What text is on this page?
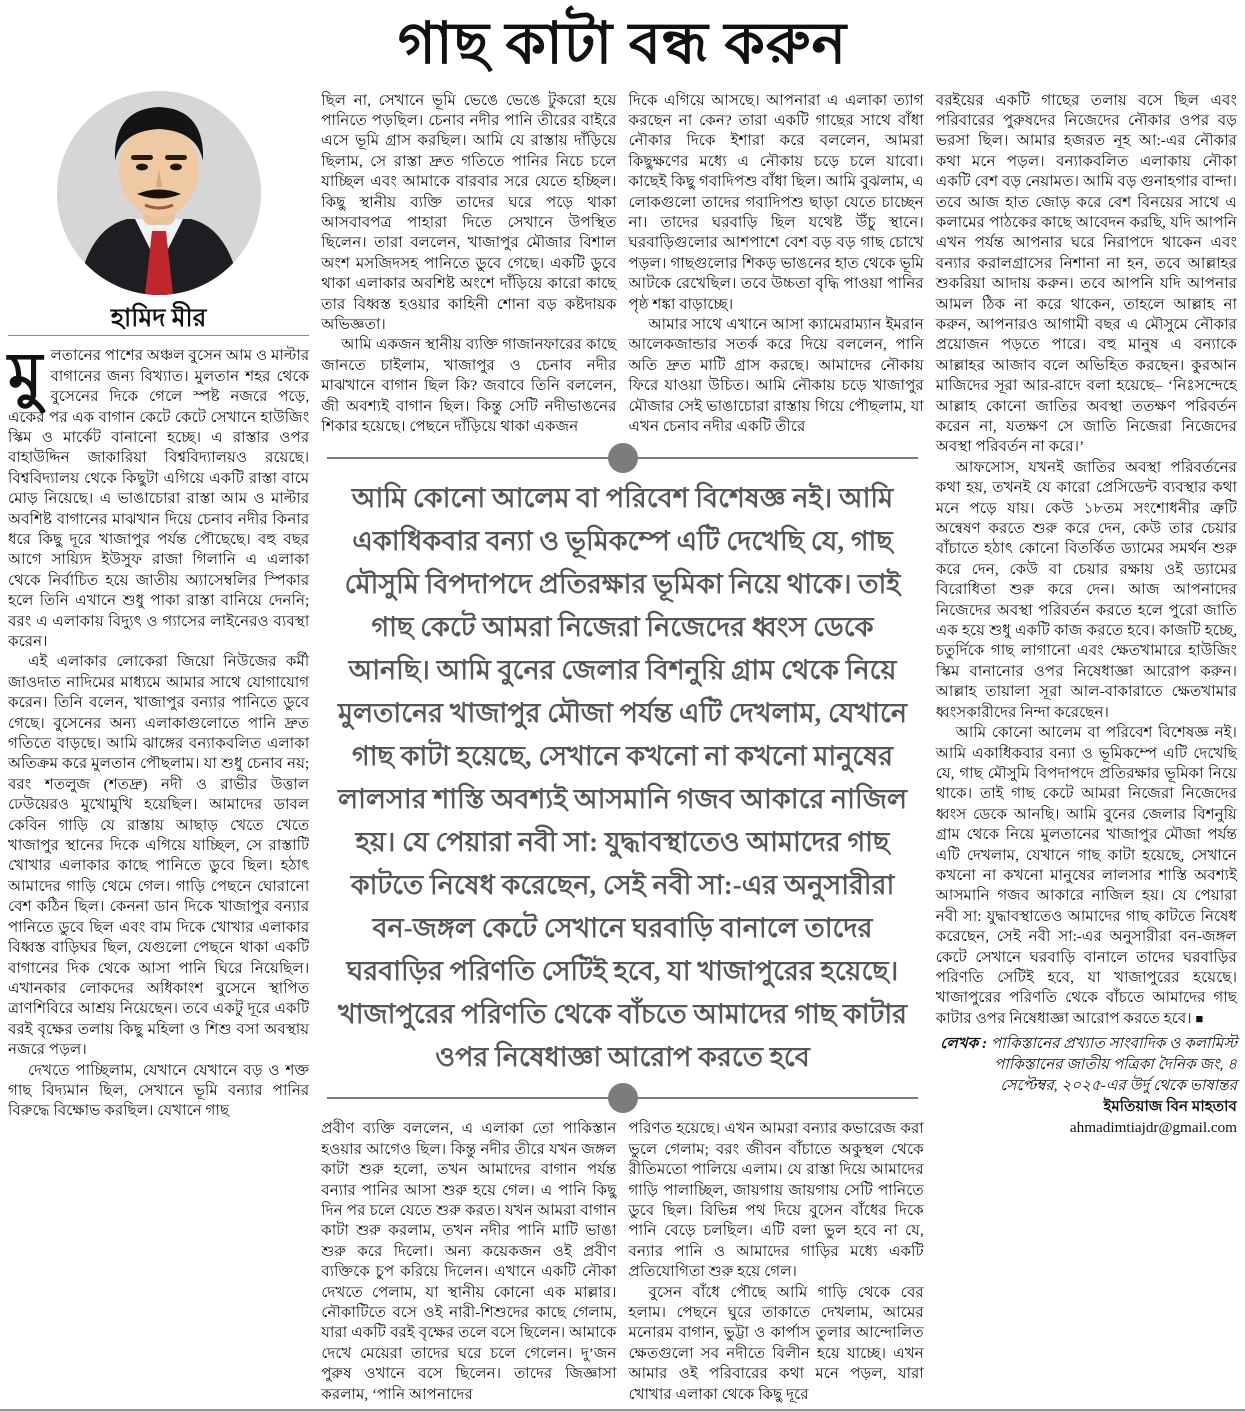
গাছ কাটা বন্ধ করুন
হামিদ মীর

মুলতানের পাশের অঞ্চল বুসেন আম ও মাল্টার বাগানের জন্য বিখ্যাত। মুলতান শহর থেকে বুসেনের দিকে গেলে স্পষ্ট নজরে পড়ে, একের পর এক বাগান কেটে কেটে সেখানে হাউজিং স্কিম ও মার্কেট বানানো হচ্ছে। এ রাস্তার ওপর বাহাউদ্দিন জাকারিয়া বিশ্ববিদ্যালয়ও রয়েছে। বিশ্ববিদ্যালয় থেকে কিছুটা এগিয়ে একটি রাস্তা বামে মোড় নিয়েছে। এ ভাঙাচোরা রাস্তা আম ও মাল্টার অবশিষ্ট বাগানের মাঝখান দিয়ে চেনাব নদীর কিনার ধরে কিছু দূরে খাজাপুর পর্যন্ত পৌছেছে। বহু বছর আগে সায়্যিদ ইউসুফ রাজা গিলানি এ এলাকা থেকে নির্বাচিত হয়ে জাতীয় অ্যাসেম্বলির স্পিকার হলে তিনি এখানে শুধু পাকা রাস্তা বানিয়ে দেননি; বরং এ এলাকায় বিদ্যুৎ ও গ্যাসের লাইনেরও ব্যবস্থা করেন।

এই এলাকার লোকেরা জিয়ো নিউজের কর্মী জাওদাত নাদিমের মাধ্যমে আমার সাথে যোগাযোগ করেন। তিনি বলেন, খাজাপুর বন্যার পানিতে ডুবে গেছে। বুসেনের অন্য এলাকাগুলোতে পানি দ্রুত গতিতে বাড়ছে। আমি ঝাঙ্গের বন্যাকবলিত এলাকা অতিক্রম করে মুলতান পৌছলাম। যা শুধু চেনাব নয়; বরং শতলুজ (শতদ্রু) নদী ও রাভীর উত্তাল ঢেউয়েরও মুখোমুখি হয়েছিল। আমাদের ডাবল কেবিন গাড়ি যে রাস্তায় আছাড় খেতে খেতে খাজাপুর স্থানের দিকে এগিয়ে যাচ্ছিল, সে রাস্তাটি খোখার এলাকার কাছে পানিতে ডুবে ছিল। হঠাৎ আমাদের গাড়ি থেমে গেল। গাড়ি পেছনে ঘোরানো বেশ কঠিন ছিল। কেননা ডান দিকে খাজাপুর বন্যার পানিতে ডুবে ছিল এবং বাম দিকে খোখার এলাকার বিধ্বস্ত বাড়িঘর ছিল, যেগুলো পেছনে থাকা একটি বাগানের দিক থেকে আসা পানি ঘিরে নিয়েছিল। এখানকার লোকদের অধিকাংশ বুসেনে স্থাপিত ত্রাণশিবিরে আশ্রয় নিয়েছেন। তবে একটু দূরে একটি বরই বৃক্ষের তলায় কিছু মহিলা ও শিশু বসা অবস্থায় নজরে পড়ল।

দেখতে পাচ্ছিলাম, যেখানে যেখানে বড় ও শক্ত গাছ বিদ্যমান ছিল, সেখানে ভূমি বন্যার পানির বিরুদ্ধে বিক্ষোভ করছিল। যেখানে গাছ

ছিল না, সেখানে ভূমি ভেঙে ভেঙে টুকরো হয়ে পানিতে পড়ছিল। চেনাব নদীর পানি তীরের বাইরে এসে ভূমি গ্রাস করছিল। আমি যে রাস্তায় দাঁড়িয়ে ছিলাম, সে রাস্তা দ্রুত গতিতে পানির নিচে চলে যাচ্ছিল এবং আমাকে বারবার সরে যেতে হচ্ছিল। কিছু স্থানীয় ব্যক্তি তাদের ঘরে পড়ে থাকা আসবাবপত্র পাহারা দিতে সেখানে উপস্থিত ছিলেন। তারা বললেন, খাজাপুর মৌজার বিশাল অংশ মসজিদসহ পানিতে ডুবে গেছে। একটি ডুবে থাকা এলাকার অবশিষ্ট অংশে দাঁড়িয়ে কারো কাছে তার বিধ্বস্ত হওয়ার কাহিনী শোনা বড় কষ্টদায়ক অভিজ্ঞতা।

আমি একজন স্থানীয় ব্যক্তি গাজানফারের কাছে জানতে চাইলাম, খাজাপুর ও চেনাব নদীর মাঝখানে বাগান ছিল কি? জবাবে তিনি বললেন, জী অবশ্যই বাগান ছিল। কিন্তু সেটি নদীভাঙনের শিকার হয়েছে। পেছনে দাঁড়িয়ে থাকা একজন

দিকে এগিয়ে আসছে। আপনারা এ এলাকা ত্যাগ করছেন না কেন? তারা একটি গাছের সাথে বাঁধা নৌকার দিকে ইশারা করে বললেন, আমরা কিছুক্ষণের মধ্যে এ নৌকায় চড়ে চলে যাবো। কাছেই কিছু গবাদিপশু বাঁধা ছিল। আমি বুঝলাম, এ লোকগুলো তাদের গবাদিপশু ছাড়া যেতে চাচ্ছেন না। তাদের ঘরবাড়ি ছিল যথেষ্ট উঁচু স্থানে। ঘরবাড়িগুলোর আশপাশে বেশ বড় বড় গাছ চোখে পড়ল। গাছগুলোর শিকড় ভাঙনের হাত থেকে ভূমি আটকে রেখেছিল। তবে উচ্চতা বৃদ্ধি পাওয়া পানির পৃষ্ঠ শঙ্কা বাড়াচ্ছে।

আমার সাথে এখানে আসা ক্যামেরাম্যান ইমরান আলেকজান্ডার সতর্ক করে দিয়ে বললেন, পানি অতি দ্রুত মাটি গ্রাস করছে। আমাদের নৌকায় ফিরে যাওয়া উচিত। আমি নৌকায় চড়ে খাজাপুর মৌজার সেই ভাঙাচোরা রাস্তায় গিয়ে পৌছলাম, যা এখন চেনাব নদীর একটি তীরে

আমি কোনো আলেম বা পরিবেশ বিশেষজ্ঞ নই। আমি একাধিকবার বন্যা ও ভূমিকম্পে এটি দেখেছি যে, গাছ মৌসুমি বিপদাপদে প্রতিরক্ষার ভূমিকা নিয়ে থাকে। তাই গাছ কেটে আমরা নিজেরা নিজেদের ধ্বংস ডেকে আনছি। আমি বুনের জেলার বিশনুয়ি গ্রাম থেকে নিয়ে মুলতানের খাজাপুর মৌজা পর্যন্ত এটি দেখলাম, যেখানে গাছ কাটা হয়েছে, সেখানে কখনো না কখনো মানুষের লালসার শাস্তি অবশ্যই আসমানি গজব আকারে নাজিল হয়। যে পেয়ারা নবী সা: যুদ্ধাবস্থাতেও আমাদের গাছ কাটতে নিষেধ করেছেন, সেই নবী সা:-এর অনুসারীরা বন-জঙ্গল কেটে সেখানে ঘরবাড়ি বানালে তাদের ঘরবাড়ির পরিণতি সেটিই হবে, যা খাজাপুরের হয়েছে। খাজাপুরের পরিণতি থেকে বাঁচতে আমাদের গাছ কাটার ওপর নিষেধাজ্ঞা আরোপ করতে হবে

প্রবীণ ব্যক্তি বললেন, এ এলাকা তো পাকিস্তান হওয়ার আগেও ছিল। কিন্তু নদীর তীরে যখন জঙ্গল কাটা শুরু হলো, তখন আমাদের বাগান পর্যন্ত বন্যার পানির আসা শুরু হয়ে গেল। এ পানি কিছু দিন পর চলে যেতে শুরু করত। যখন আমরা বাগান কাটা শুরু করলাম, তখন নদীর পানি মাটি ভাঙা শুরু করে দিলো। অন্য কয়েকজন ওই প্রবীণ ব্যক্তিকে চুপ করিয়ে দিলেন। এখানে একটি নৌকা দেখতে পেলাম, যা স্থানীয় কোনো এক মাল্লার। নৌকাটিতে বসে ওই নারী-শিশুদের কাছে গেলাম, যারা একটি বরই বৃক্ষের তলে বসে ছিলেন। আমাকে দেখে মেয়েরা তাদের ঘরে চলে গেলেন। দু’জন পুরুষ ওখানে বসে ছিলেন। তাদের জিজ্ঞাসা করলাম, ‘পানি আপনাদের

পরিণত হয়েছে। এখন আমরা বন্যার কভারেজ করা ভুলে গেলাম; বরং জীবন বাঁচাতে অকুস্থল থেকে রীতিমতো পালিয়ে এলাম। যে রাস্তা দিয়ে আমাদের গাড়ি পালাচ্ছিল, জায়গায় জায়গায় সেটি পানিতে ডুবে ছিল। বিভিন্ন পথ দিয়ে বুসেন বাঁধের দিকে পানি বেড়ে চলছিল। এটি বলা ভুল হবে না যে, বন্যার পানি ও আমাদের গাড়ির মধ্যে একটি প্রতিযোগিতা শুরু হয়ে গেল।

বুসেন বাঁধে পৌছে আমি গাড়ি থেকে বের হলাম। পেছনে ঘুরে তাকাতে দেখলাম, আমের মনোরম বাগান, ভুট্টা ও কার্পাস তুলার আন্দোলিত ক্ষেতগুলো সব নদীতে বিলীন হয়ে যাচ্ছে। এখন আমার ওই পরিবারের কথা মনে পড়ল, যারা খোখার এলাকা থেকে কিছু দূরে

বরইয়ের একটি গাছের তলায় বসে ছিল এবং পরিবারের পুরুষদের নিজেদের নৌকার ওপর বড় ভরসা ছিল। আমার হজরত নূহ আ:-এর নৌকার কথা মনে পড়ল। বন্যাকবলিত এলাকায় নৌকা একটি বেশ বড় নেয়ামত। আমি বড় গুনাহগার বান্দা। তবে আজ হাত জোড় করে বেশ বিনয়ের সাথে এ কলামের পাঠকের কাছে আবেদন করছি, যদি আপনি এখন পর্যন্ত আপনার ঘরে নিরাপদে থাকেন এবং বন্যার করালগ্রাসের নিশানা না হন, তবে আল্লাহর শুকরিয়া আদায় করুন। তবে আপনি যদি আপনার আমল ঠিক না করে থাকেন, তাহলে আল্লাহ না করুন, আপনারও আগামী বছর এ মৌসুমে নৌকার প্রয়োজন পড়তে পারে। বহু মানুষ এ বন্যাকে আল্লাহর আজাব বলে অভিহিত করছেন। কুরআন মাজিদের সূরা আর-রাদে বলা হয়েছে– ‘নিঃসন্দেহে আল্লাহ কোনো জাতির অবস্থা ততক্ষণ পরিবর্তন করেন না, যতক্ষণ সে জাতি নিজেরা নিজেদের অবস্থা পরিবর্তন না করে।’

আফসোস, যখনই জাতির অবস্থা পরিবর্তনের কথা হয়, তখনই যে কারো প্রেসিডেন্ট ব্যবস্থার কথা মনে পড়ে যায়। কেউ ১৮তম সংশোধনীর ত্রুটি অন্বেষণ করতে শুরু করে দেন, কেউ তার চেয়ার বাঁচাতে হঠাৎ কোনো বিতর্কিত ড্যামের সমর্থন শুরু করে দেন, কেউ বা চেয়ার রক্ষায় ওই ড্যামের বিরোধিতা শুরু করে দেন। আজ আপনাদের নিজেদের অবস্থা পরিবর্তন করতে হলে পুরো জাতি এক হয়ে শুধু একটি কাজ করতে হবে। কাজটি হচ্ছে, চতুর্দিকে গাছ লাগানো এবং ক্ষেতখামারে হাউজিং স্কিম বানানোর ওপর নিষেধাজ্ঞা আরোপ করুন। আল্লাহ তায়ালা সূরা আল-বাকারাতে ক্ষেতখামার ধ্বংসকারীদের নিন্দা করেছেন।

আমি কোনো আলেম বা পরিবেশ বিশেষজ্ঞ নই। আমি একাধিকবার বন্যা ও ভূমিকম্পে এটি দেখেছি যে, গাছ মৌসুমি বিপদাপদে প্রতিরক্ষার ভূমিকা নিয়ে থাকে। তাই গাছ কেটে আমরা নিজেরা নিজেদের ধ্বংস ডেকে আনছি। আমি বুনের জেলার বিশনুয়ি গ্রাম থেকে নিয়ে মুলতানের খাজাপুর মৌজা পর্যন্ত এটি দেখলাম, যেখানে গাছ কাটা হয়েছে, সেখানে কখনো না কখনো মানুষের লালসার শাস্তি অবশ্যই আসমানি গজব আকারে নাজিল হয়। যে পেয়ারা নবী সা: যুদ্ধাবস্থাতেও আমাদের গাছ কাটতে নিষেধ করেছেন, সেই নবী সা:-এর অনুসারীরা বন-জঙ্গল কেটে সেখানে ঘরবাড়ি বানালে তাদের ঘরবাড়ির পরিণতি সেটিই হবে, যা খাজাপুরের হয়েছে। খাজাপুরের পরিণতি থেকে বাঁচতে আমাদের গাছ কাটার ওপর নিষেধাজ্ঞা আরোপ করতে হবে। ■

লেখক : পাকিস্তানের প্রখ্যাত সাংবাদিক ও কলামিস্ট
পাকিস্তানের জাতীয় পত্রিকা দৈনিক জং, ৪ সেপ্টেম্বর, ২০২৫-এর উর্দু থেকে ভাষান্তর
ইমতিয়াজ বিন মাহতাব
ahmadimtiajdr@gmail.com
